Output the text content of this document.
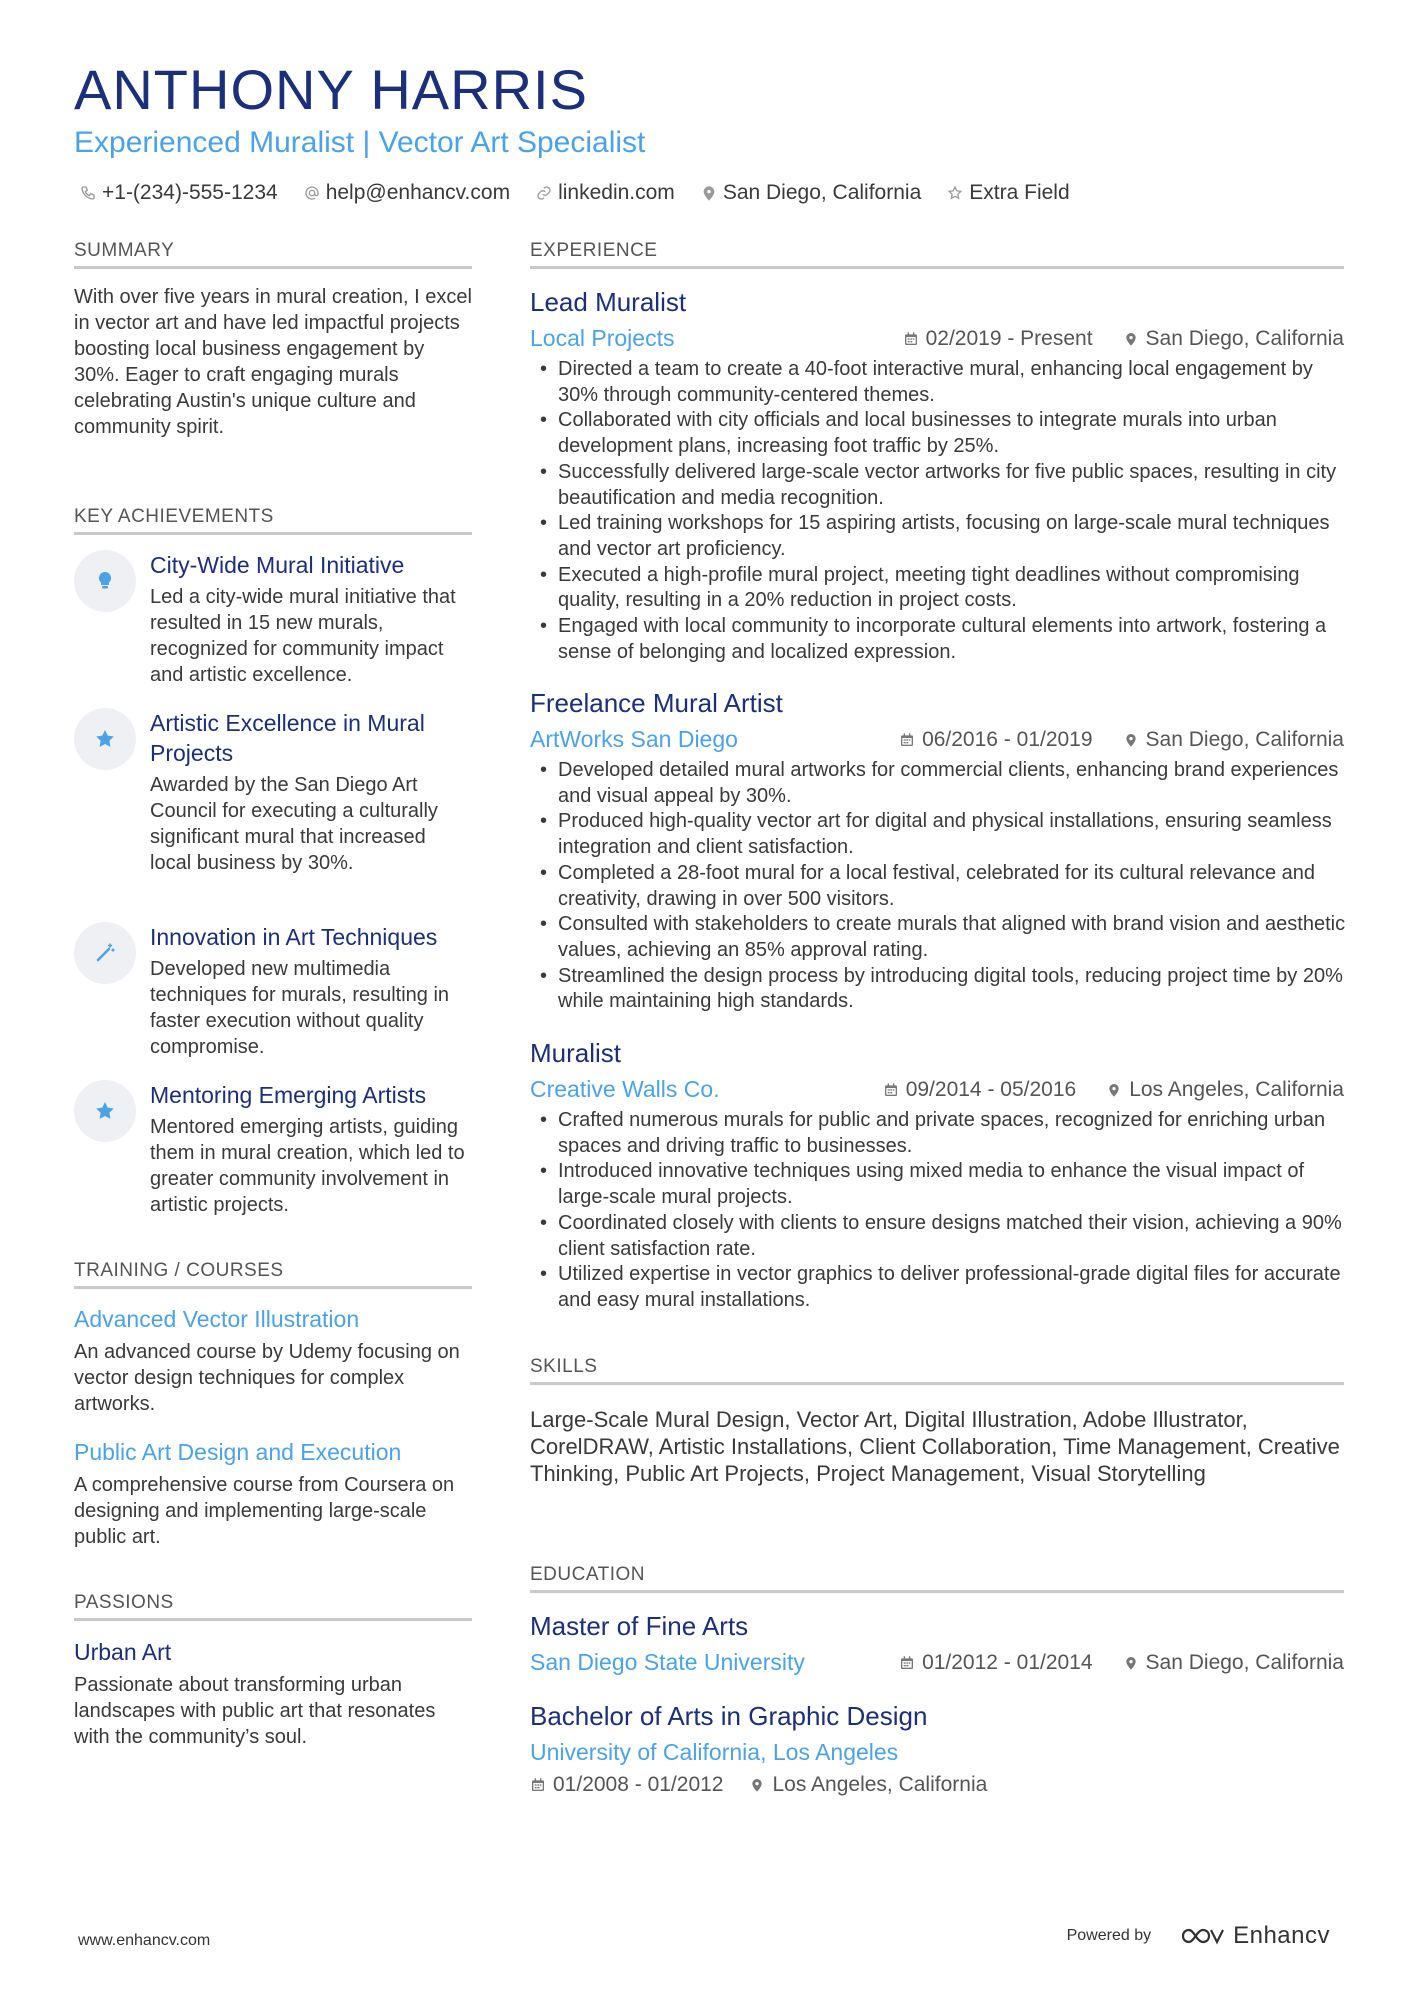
ANTHONY HARRIS
Experienced Muralist | Vector Art Specialist
+1-(234)-555-1234 help@enhancv.com linkedin.com San Diego, California Extra Field
SUMMARY
With over five years in mural creation, I excel in vector art and have led impactful projects boosting local business engagement by 30%. Eager to craft engaging murals celebrating Austin's unique culture and community spirit.
KEY ACHIEVEMENTS
City-Wide Mural Initiative
Led a city-wide mural initiative that resulted in 15 new murals, recognized for community impact and artistic excellence.
Artistic Excellence in Mural Projects
Awarded by the San Diego Art Council for executing a culturally significant mural that increased local business by 30%.
Innovation in Art Techniques
Developed new multimedia techniques for murals, resulting in faster execution without quality compromise.
Mentoring Emerging Artists
Mentored emerging artists, guiding them in mural creation, which led to greater community involvement in artistic projects.
TRAINING / COURSES
Advanced Vector Illustration
An advanced course by Udemy focusing on vector design techniques for complex artworks.
Public Art Design and Execution
A comprehensive course from Coursera on designing and implementing large-scale public art.
PASSIONS
Urban Art
Passionate about transforming urban landscapes with public art that resonates with the community’s soul.
EXPERIENCE
Lead Muralist
Local Projects	02/2019 - Present	San Diego, California
• Directed a team to create a 40-foot interactive mural, enhancing local engagement by 30% through community-centered themes.
• Collaborated with city officials and local businesses to integrate murals into urban development plans, increasing foot traffic by 25%.
• Successfully delivered large-scale vector artworks for five public spaces, resulting in city beautification and media recognition.
• Led training workshops for 15 aspiring artists, focusing on large-scale mural techniques and vector art proficiency.
• Executed a high-profile mural project, meeting tight deadlines without compromising quality, resulting in a 20% reduction in project costs.
• Engaged with local community to incorporate cultural elements into artwork, fostering a sense of belonging and localized expression.
Freelance Mural Artist
ArtWorks San Diego	06/2016 - 01/2019	San Diego, California
• Developed detailed mural artworks for commercial clients, enhancing brand experiences and visual appeal by 30%.
• Produced high-quality vector art for digital and physical installations, ensuring seamless integration and client satisfaction.
• Completed a 28-foot mural for a local festival, celebrated for its cultural relevance and creativity, drawing in over 500 visitors.
• Consulted with stakeholders to create murals that aligned with brand vision and aesthetic values, achieving an 85% approval rating.
• Streamlined the design process by introducing digital tools, reducing project time by 20% while maintaining high standards.
Muralist
Creative Walls Co.	09/2014 - 05/2016	Los Angeles, California
• Crafted numerous murals for public and private spaces, recognized for enriching urban spaces and driving traffic to businesses.
• Introduced innovative techniques using mixed media to enhance the visual impact of large-scale mural projects.
• Coordinated closely with clients to ensure designs matched their vision, achieving a 90% client satisfaction rate.
• Utilized expertise in vector graphics to deliver professional-grade digital files for accurate and easy mural installations.
SKILLS
Large-Scale Mural Design, Vector Art, Digital Illustration, Adobe Illustrator, CorelDRAW, Artistic Installations, Client Collaboration, Time Management, Creative Thinking, Public Art Projects, Project Management, Visual Storytelling
EDUCATION
Master of Fine Arts
San Diego State University	01/2012 - 01/2014	San Diego, California
Bachelor of Arts in Graphic Design
University of California, Los Angeles
01/2008 - 01/2012 Los Angeles, California
www.enhancv.com	Powered by	Enhancv
